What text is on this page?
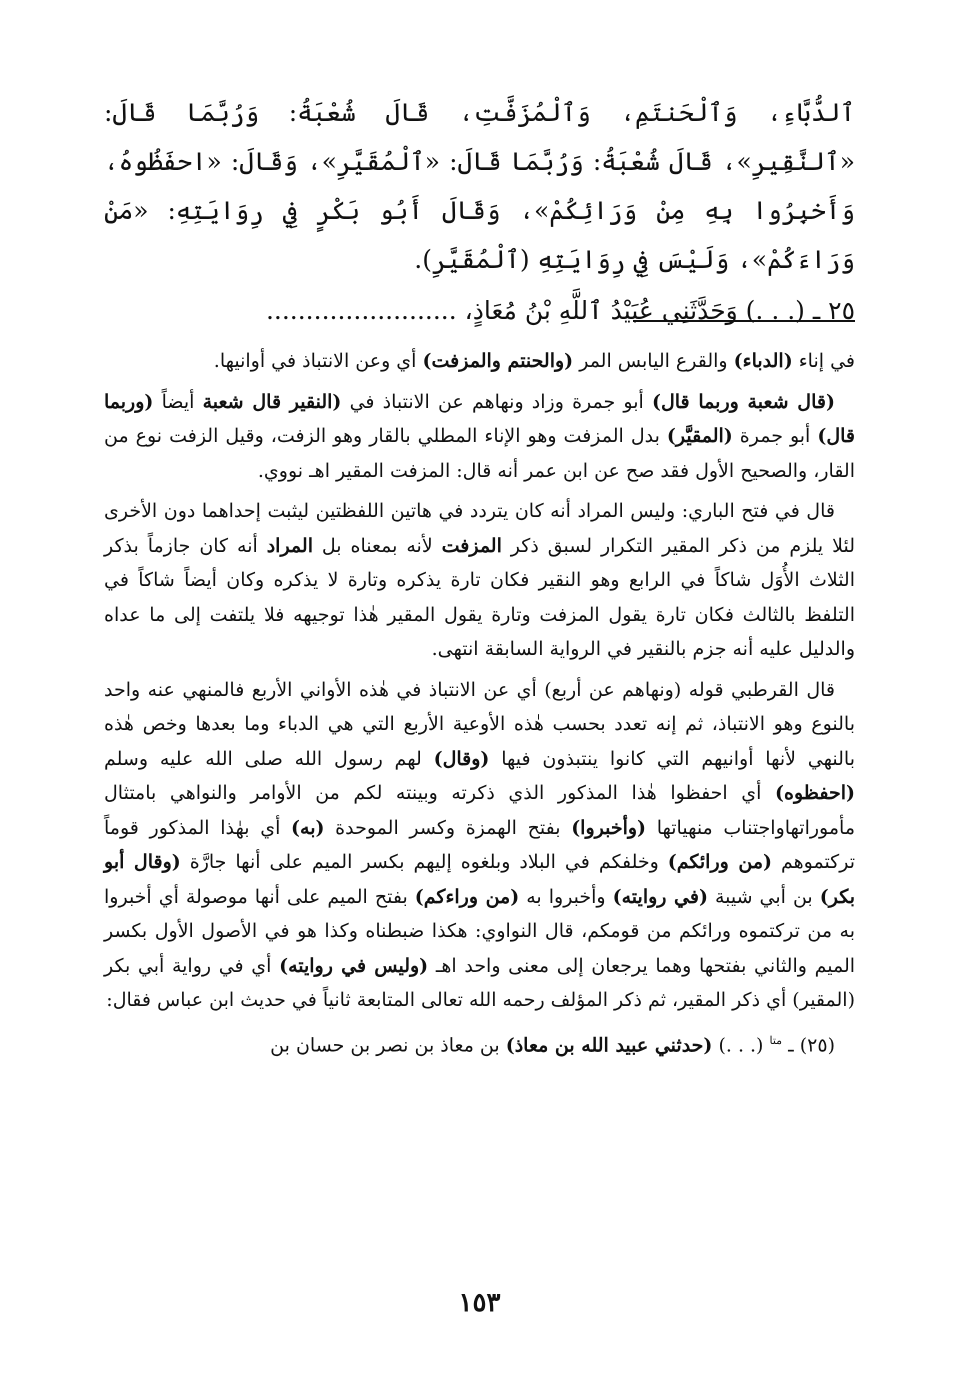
ٱلدُّبَّاءِ، وَٱلْحَنتَمِ، وَٱلْمُزَفَّتِ، قَالَ شُعْبَةُ: وَرُبَّمَا قَالَ: «ٱلنَّقِيرِ»، قَالَ شُعْبَةُ: وَرُبَّمَا قَالَ: «ٱلْمُقَيَّرِ»، وَقَالَ: «احفَظُوهُ، وَأَخبِرُوا بِهِ مِنْ وَرَائِكُمْ»، وَقَالَ أَبُو بَكْرٍ فِي رِوَايَتِهِ: «مَنْ وَرَاءَكُمْ»، وَلَيْسَ فِي رِوَايَتِهِ (ٱلْمُقَيَّرِ).

٢٥ ـ (. . .) وَحَدَّثَنِي عُبَيْدُ ٱللَّهِ بْنُ مُعَاذٍ، ........................

في إناء (الدباء) والقرع اليابس المر (والحنتم والمزفت) أي وعن الانتباذ في أوانيها.

(قال شعبة وربما قال) أبو جمرة وزاد ونهاهم عن الانتباذ في (النقير قال شعبة أيضاً (وربما قال) أبو جمرة (المقيَّر) بدل المزفت وهو الإناء المطلي بالقار وهو الزفت، وقيل الزفت نوع من القار، والصحيح الأول فقد صح عن ابن عمر أنه قال: المزفت المقير اهـ نووي.

قال في فتح الباري: وليس المراد أنه كان يتردد في هاتين اللفظتين ليثبت إحداهما دون الأخرى لئلا يلزم من ذكر المقير التكرار لسبق ذكر المزفت لأنه بمعناه بل المراد أنه كان جازماً بذكر الثلاث الأُوَل شاكاً في الرابع وهو النقير فكان تارة يذكره وتارة لا يذكره وكان أيضاً شاكاً في التلفظ بالثالث فكان تارة يقول المزفت وتارة يقول المقير هٰذا توجيهه فلا يلتفت إلى ما عداه والدليل عليه أنه جزم بالنقير في الرواية السابقة انتهى.

قال القرطبي قوله (ونهاهم عن أربع) أي عن الانتباذ في هٰذه الأواني الأربع فالمنهي عنه واحد بالنوع وهو الانتباذ، ثم إنه تعدد بحسب هٰذه الأوعية الأربع التي هي الدباء وما بعدها وخص هٰذه بالنهي لأنها أوانيهم التي كانوا ينتبذون فيها (وقال) لهم رسول الله صلى الله عليه وسلم (احفظوه) أي احفظوا هٰذا المذكور الذي ذكرته وبينته لكم من الأوامر والنواهي بامتثال مأموراتهاواجتناب منهياتها (وأخبروا) بفتح الهمزة وكسر الموحدة (به) أي بهٰذا المذكور قوماً تركتموهم (من ورائكم) وخلفكم في البلاد وبلغوه إليهم بكسر الميم على أنها جارَّة (وقال أبو بكر) بن أبي شيبة (في روايته) وأخبروا به (من وراءكم) بفتح الميم على أنها موصولة أي أخبروا به من تركتموه ورائكم من قومكم، قال النواوي: هكذا ضبطناه وكذا هو في الأصول الأول بكسر الميم والثاني بفتحها وهما يرجعان إلى معنى واحد اهـ (وليس في روايته) أي في رواية أبي بكر (المقير) أي ذكر المقير، ثم ذكر المؤلف رحمه الله تعالى المتابعة ثانياً في حديث ابن عباس فقال:

(٢٥) ـ $^{متا}$ (. . .) (حدثني عبيد الله بن معاذ) بن معاذ بن نصر بن حسان بن

١٥٣
